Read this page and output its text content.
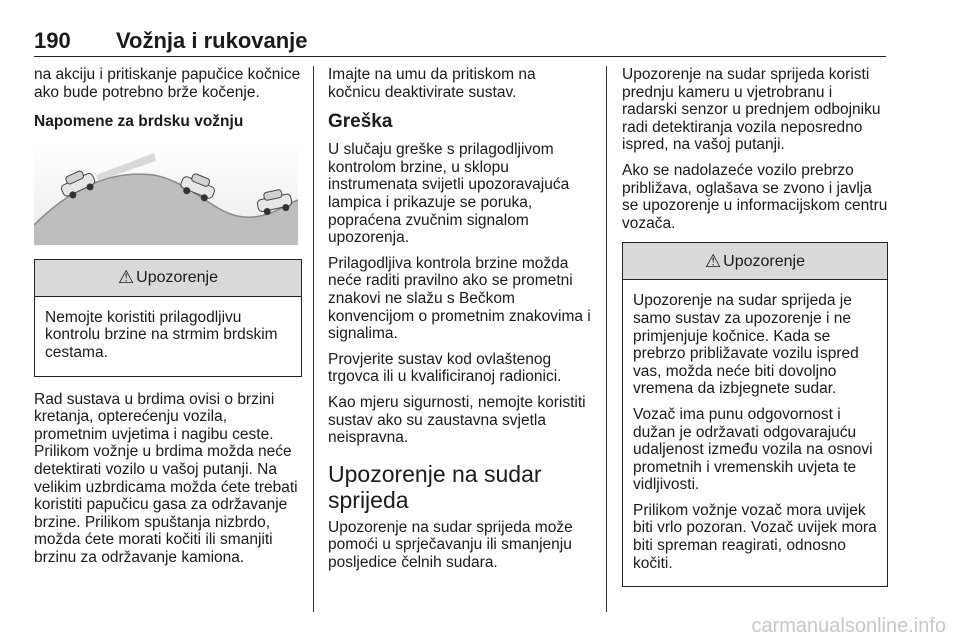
190 Vožnja i rukovanje

na akciju i pritiskanje papučice kočnice ako bude potrebno brže kočenje.

Napomene za brdsku vožnju

⚠ Upozorenje

Nemojte koristiti prilagodljivu kontrolu brzine na strmim brdskim cestama.

Rad sustava u brdima ovisi o brzini kretanja, opterećenju vozila, prometnim uvjetima i nagibu ceste. Prilikom vožnje u brdima možda neće detektirati vozilo u vašoj putanji. Na velikim uzbrdicama možda ćete trebati koristiti papučicu gasa za održavanje brzine. Prilikom spuštanja nizbrdo, možda ćete morati kočiti ili smanjiti brzinu za održavanje kamiona.

Imajte na umu da pritiskom na kočnicu deaktivirate sustav.

Greška

U slučaju greške s prilagodljivom kontrolom brzine, u sklopu instrumenata svijetli upozoravajuća lampica i prikazuje se poruka, popraćena zvučnim signalom upozorenja.

Prilagodljiva kontrola brzine možda neće raditi pravilno ako se prometni znakovi ne slažu s Bečkom konvencijom o prometnim znakovima i signalima.

Provjerite sustav kod ovlaštenog trgovca ili u kvalificiranoj radionici.

Kao mjeru sigurnosti, nemojte koristiti sustav ako su zaustavna svjetla neispravna.

Upozorenje na sudar sprijeda

Upozorenje na sudar sprijeda može pomoći u sprječavanju ili smanjenju posljedice čelnih sudara.

Upozorenje na sudar sprijeda koristi prednju kameru u vjetrobranu i radarski senzor u prednjem odbojniku radi detektiranja vozila neposredno ispred, na vašoj putanji.

Ako se nadolazeće vozilo prebrzo približava, oglašava se zvono i javlja se upozorenje u informacijskom centru vozača.

⚠ Upozorenje

Upozorenje na sudar sprijeda je samo sustav za upozorenje i ne primjenjuje kočnice. Kada se prebrzo približavate vozilu ispred vas, možda neće biti dovoljno vremena da izbjegnete sudar.

Vozač ima punu odgovornost i dužan je održavati odgovarajuću udaljenost između vozila na osnovi prometnih i vremenskih uvjeta te vidljivosti.

Prilikom vožnje vozač mora uvijek biti vrlo pozoran. Vozač uvijek mora biti spreman reagirati, odnosno kočiti.

carmanualsonline.info
